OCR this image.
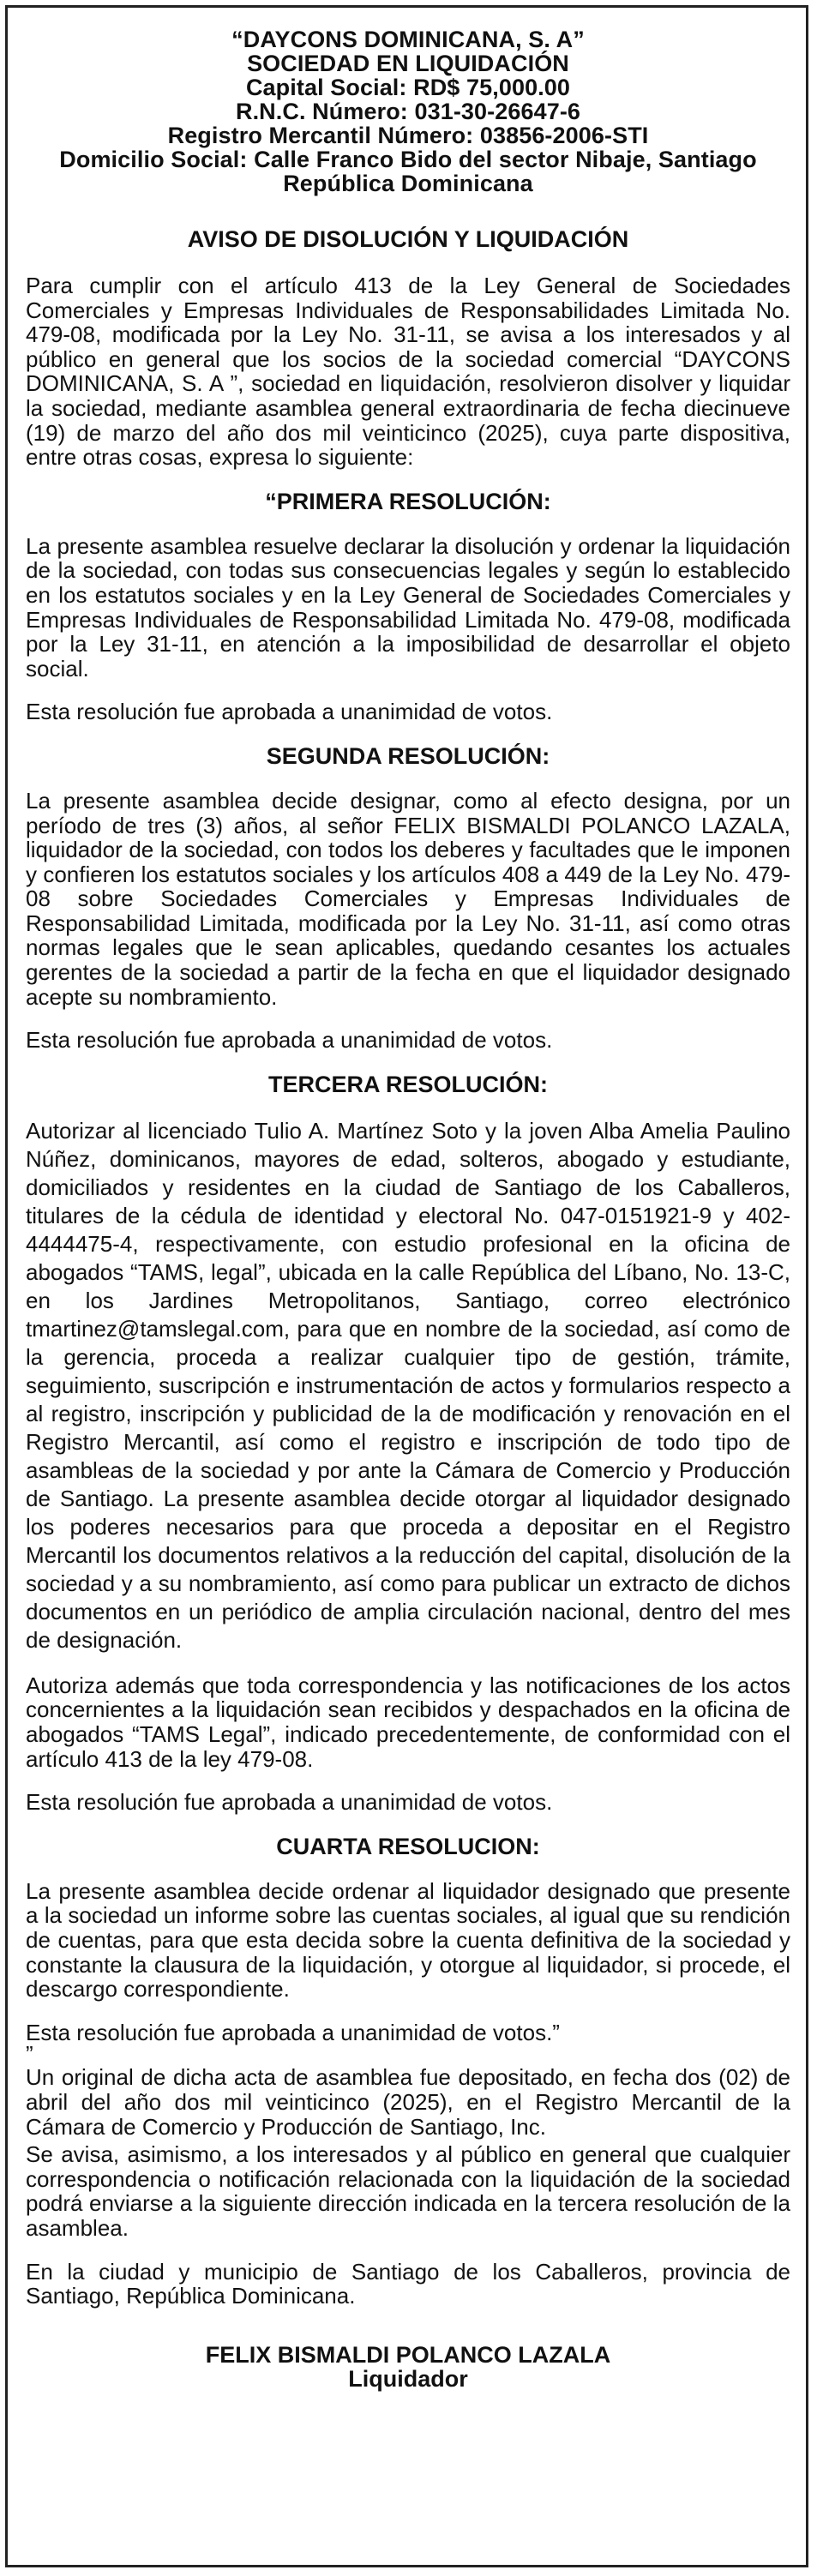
“DAYCONS DOMINICANA, S. A”
SOCIEDAD EN LIQUIDACIÓN
Capital Social: RD$ 75,000.00
R.N.C. Número: 031-30-26647-6
Registro Mercantil Número: 03856-2006-STI
Domicilio Social: Calle Franco Bido del sector Nibaje, Santiago
República Dominicana
AVISO DE DISOLUCIÓN Y LIQUIDACIÓN

Para cumplir con el artículo 413 de la Ley General de Sociedades Comerciales y Empresas Individuales de Responsabilidades Limitada No. 479-08, modificada por la Ley No. 31-11, se avisa a los interesados y al público en general que los socios de la sociedad comercial “DAYCONS DOMINICANA, S. A ”, sociedad en liquidación, resolvieron disolver y liquidar la sociedad, mediante asamblea general extraordinaria de fecha diecinueve (19) de marzo del año dos mil veinticinco (2025), cuya parte dispositiva, entre otras cosas, expresa lo siguiente:

“PRIMERA RESOLUCIÓN:

La presente asamblea resuelve declarar la disolución y ordenar la liquidación de la sociedad, con todas sus consecuencias legales y según lo establecido en los estatutos sociales y en la Ley General de Sociedades Comerciales y Empresas Individuales de Responsabilidad Limitada No. 479-08, modificada por la Ley 31-11, en atención a la imposibilidad de desarrollar el objeto social.

Esta resolución fue aprobada a unanimidad de votos.

SEGUNDA RESOLUCIÓN:

La presente asamblea decide designar, como al efecto designa, por un período de tres (3) años, al señor FELIX BISMALDI POLANCO LAZALA, liquidador de la sociedad, con todos los deberes y facultades que le imponen y confieren los estatutos sociales y los artículos 408 a 449 de la Ley No. 479-08 sobre Sociedades Comerciales y Empresas Individuales de Responsabilidad Limitada, modificada por la Ley No. 31-11, así como otras normas legales que le sean aplicables, quedando cesantes los actuales gerentes de la sociedad a partir de la fecha en que el liquidador designado acepte su nombramiento.

Esta resolución fue aprobada a unanimidad de votos.

TERCERA RESOLUCIÓN:

Autorizar al licenciado Tulio A. Martínez Soto y la joven Alba Amelia Paulino Núñez, dominicanos, mayores de edad, solteros, abogado y estudiante, domiciliados y residentes en la ciudad de Santiago de los Caballeros, titulares de la cédula de identidad y electoral No. 047-0151921-9 y 402-4444475-4, respectivamente, con estudio profesional en la oficina de abogados “TAMS, legal”, ubicada en la calle República del Líbano, No. 13-C, en los Jardines Metropolitanos, Santiago, correo electrónico tmartinez@tamslegal.com, para que en nombre de la sociedad, así como de la gerencia, proceda a realizar cualquier tipo de gestión, trámite, seguimiento, suscripción e instrumentación de actos y formularios respecto a al registro, inscripción y publicidad de la de modificación y renovación en el Registro Mercantil, así como el registro e inscripción de todo tipo de asambleas de la sociedad y por ante la Cámara de Comercio y Producción de Santiago. La presente asamblea decide otorgar al liquidador designado los poderes necesarios para que proceda a depositar en el Registro Mercantil los documentos relativos a la reducción del capital, disolución de la sociedad y a su nombramiento, así como para publicar un extracto de dichos documentos en un periódico de amplia circulación nacional, dentro del mes de designación.

Autoriza además que toda correspondencia y las notificaciones de los actos concernientes a la liquidación sean recibidos y despachados en la oficina de abogados “TAMS Legal”, indicado precedentemente, de conformidad con el artículo 413 de la ley 479-08.

Esta resolución fue aprobada a unanimidad de votos.

CUARTA RESOLUCION:

La presente asamblea decide ordenar al liquidador designado que presente a la sociedad un informe sobre las cuentas sociales, al igual que su rendición de cuentas, para que esta decida sobre la cuenta definitiva de la sociedad y constante la clausura de la liquidación, y otorgue al liquidador, si procede, el descargo correspondiente.

Esta resolución fue aprobada a unanimidad de votos.”

”

Un original de dicha acta de asamblea fue depositado, en fecha dos (02) de abril del año dos mil veinticinco (2025), en el Registro Mercantil de la Cámara de Comercio y Producción de Santiago, Inc.

Se avisa, asimismo, a los interesados y al público en general que cualquier correspondencia o notificación relacionada con la liquidación de la sociedad podrá enviarse a la siguiente dirección indicada en la tercera resolución de la asamblea.

En la ciudad y municipio de Santiago de los Caballeros, provincia de Santiago, República Dominicana.

FELIX BISMALDI POLANCO LAZALA
Liquidador
